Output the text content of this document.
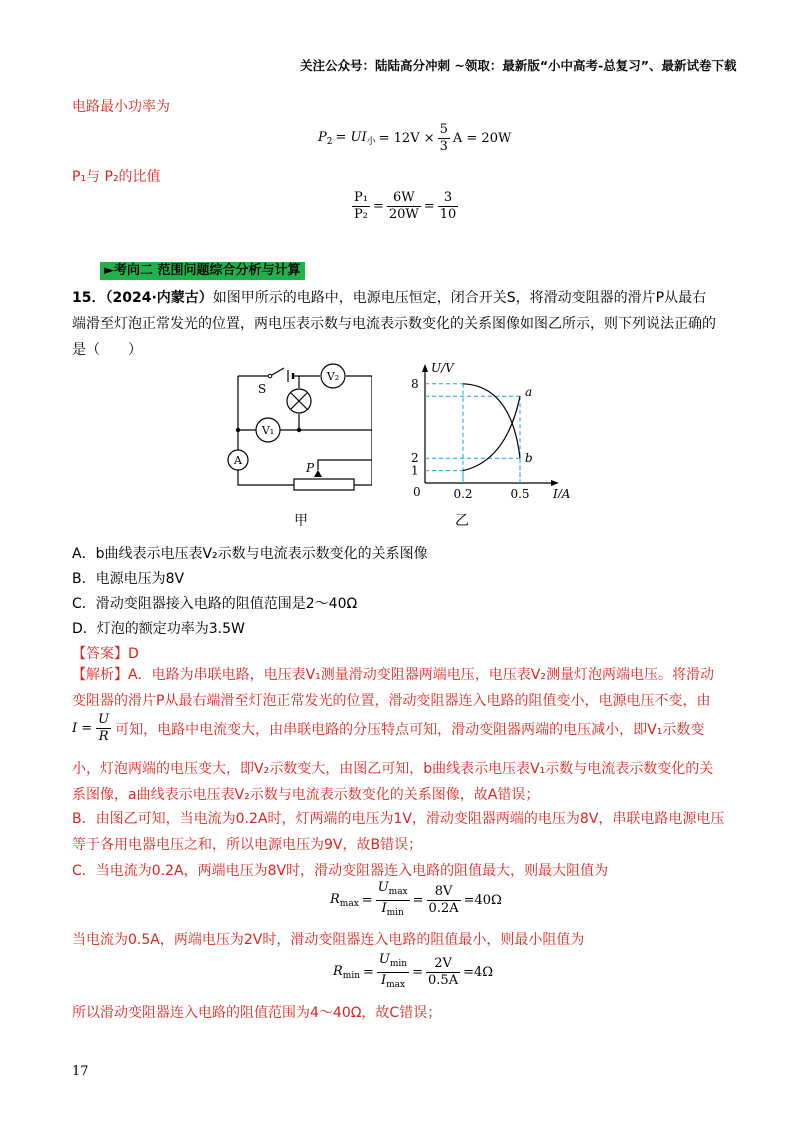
关注公众号：陆陆高分冲刺 ~领取：最新版“小中高考-总复习”、最新试卷下载
电路最小功率为
$P_2 = UI_小 = 12V \times \frac{5}{3}$ A = 20W
P₁与 P₂的比值
$\frac{\text{P₁}}{\text{P₂}} = \frac{6W}{20W} = \frac{3}{10}$
►考向二 范围问题综合分析与计算
15．（2024·内蒙古）如图甲所示的电路中，电源电压恒定，闭合开关S，将滑动变阻器的滑片P从最右
端滑至灯泡正常发光的位置，两电压表示数与电流表示数变化的关系图像如图乙所示，则下列说法正确的
是（　　）
S
V₂
V₁
A
P	1
2
8
0.2	0.5
U/V
I/A
0
a
b
甲	乙
A．b曲线表示电压表V₂示数与电流表示数变化的关系图像
B．电源电压为8V
C．滑动变阻器接入电路的阻值范围是2～40Ω
D．灯泡的额定功率为3.5W
【答案】D
【解析】A．电路为串联电路，电压表V₁测量滑动变阻器两端电压，电压表V₂测量灯泡两端电压。将滑动
变阻器的滑片P从最右端滑至灯泡正常发光的位置，滑动变阻器连入电路的阻值变小，电源电压不变，由
$I = \frac{U}{R}$ 可知，电路中电流变大，由串联电路的分压特点可知，滑动变阻器两端的电压减小，即V₁示数变
小，灯泡两端的电压变大，即V₂示数变大，由图乙可知，b曲线表示电压表V₁示数与电流表示数变化的关
系图像，a曲线表示电压表V₂示数与电流表示数变化的关系图像，故A错误；
B．由图乙可知，当电流为0.2A时，灯两端的电压为1V，滑动变阻器两端的电压为8V，串联电路电源电压
等于各用电器电压之和，所以电源电压为9V，故B错误；
C．当电流为0.2A，两端电压为8V时，滑动变阻器连入电路的阻值最大，则最大阻值为
$R_{max} = \frac{U_{max}}{I_{min}} = \frac{8V}{0.2A} =40\Omega$
当电流为0.5A，两端电压为2V时，滑动变阻器连入电路的阻值最小，则最小阻值为
$R_{min} = \frac{U_{min}}{I_{max}} = \frac{2V}{0.5A} =4\Omega$
所以滑动变阻器连入电路的阻值范围为4～40Ω，故C错误；
17
